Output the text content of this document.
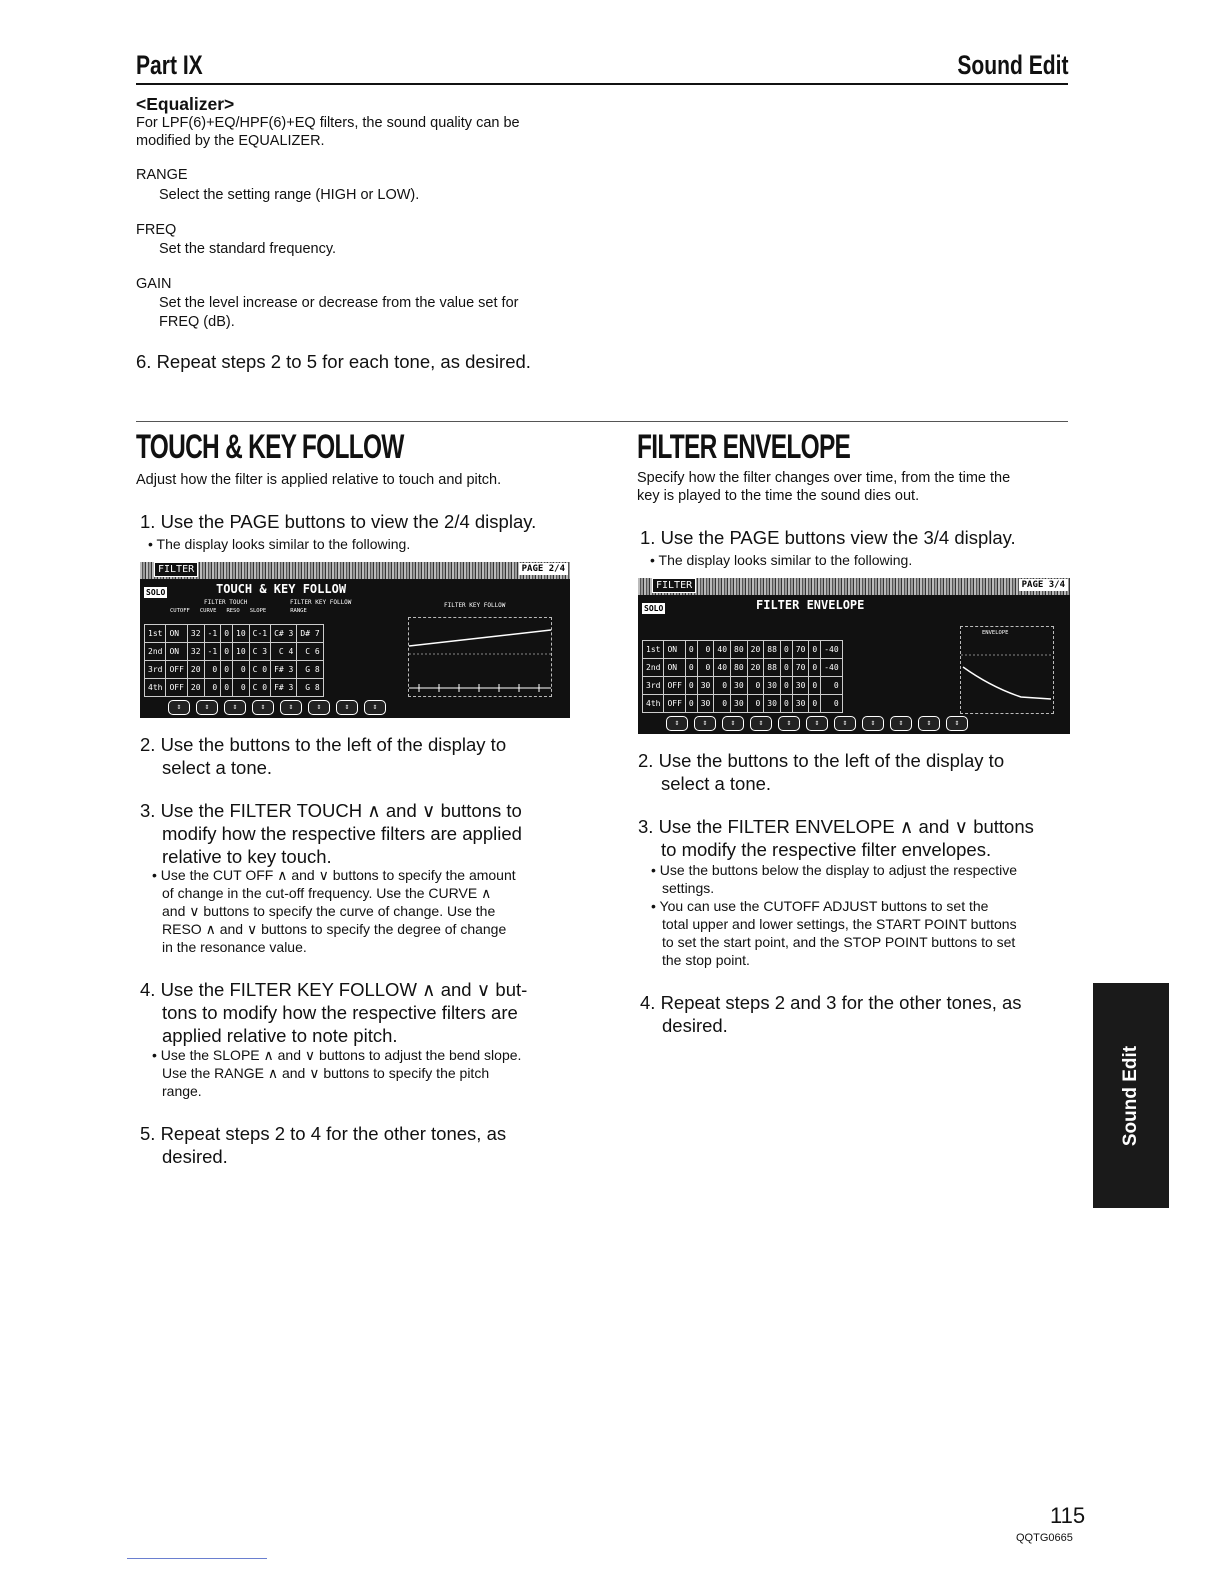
Part IX	Sound Edit
<Equalizer>
For LPF(6)+EQ/HPF(6)+EQ filters, the sound quality can be
modified by the EQUALIZER.
RANGE
Select the setting range (HIGH or LOW).
FREQ
Set the standard frequency.
GAIN
Set the level increase or decrease from the value set for
FREQ (dB).
6. Repeat steps 2 to 5 for each tone, as desired.
TOUCH & KEY FOLLOW
Adjust how the filter is applied relative to touch and pitch.
1. Use the PAGE buttons to view the 2/4 display.
• The display looks similar to the following.
FILTER	PAGE 2/4
SOLO	TOUCH & KEY FOLLOW
FILTER TOUCH	FILTER KEY FOLLOW	FILTER KEY FOLLOW
CUTOFF CURVE RESO SLOPE	RANGE
1st	ON	32	-1	0	10	C-1	C# 3	D# 7
2nd	ON	32	-1	0	10	C 3	C 4	C 6
3rd	OFF	20	0	0	0	C 0	F# 3	G 8
4th	OFF	20	0	0	0	C 0	F# 3	G 8
⇕	⇕	⇕	⇕	⇕	⇕	⇕	⇕
2. Use the buttons to the left of the display to
select a tone.
3. Use the FILTER TOUCH ∧ and ∨ buttons to
modify how the respective filters are applied
relative to key touch.
• Use the CUT OFF ∧ and ∨ buttons to specify the amount
of change in the cut-off frequency. Use the CURVE ∧
and ∨ buttons to specify the curve of change. Use the
RESO ∧ and ∨ buttons to specify the degree of change
in the resonance value.
4. Use the FILTER KEY FOLLOW ∧ and ∨ but-
tons to modify how the respective filters are
applied relative to note pitch.
• Use the SLOPE ∧ and ∨ buttons to adjust the bend slope.
Use the RANGE ∧ and ∨ buttons to specify the pitch
range.
5. Repeat steps 2 to 4 for the other tones, as
desired.
FILTER ENVELOPE
Specify how the filter changes over time, from the time the
key is played to the time the sound dies out.
1. Use the PAGE buttons view the 3/4 display.
• The display looks similar to the following.
FILTER	PAGE 3/4
SOLO	FILTER ENVELOPE
1st	ON	0	0	40	80	20	88	0	70	0	-40
2nd	ON	0	0	40	80	20	88	0	70	0	-40
3rd	OFF	0	30	0	30	0	30	0	30	0	0
4th	OFF	0	30	0	30	0	30	0	30	0	0
ENVELOPE
⇕	⇕	⇕	⇕	⇕	⇕	⇕	⇕	⇕	⇕	⇕
2. Use the buttons to the left of the display to
select a tone.
3. Use the FILTER ENVELOPE ∧ and ∨ buttons
to modify the respective filter envelopes.
• Use the buttons below the display to adjust the respective
settings.
• You can use the CUTOFF ADJUST buttons to set the
total upper and lower settings, the START POINT buttons
to set the start point, and the STOP POINT buttons to set
the stop point.
4. Repeat steps 2 and 3 for the other tones, as
desired.
Sound Edit
115
QQTG0665
